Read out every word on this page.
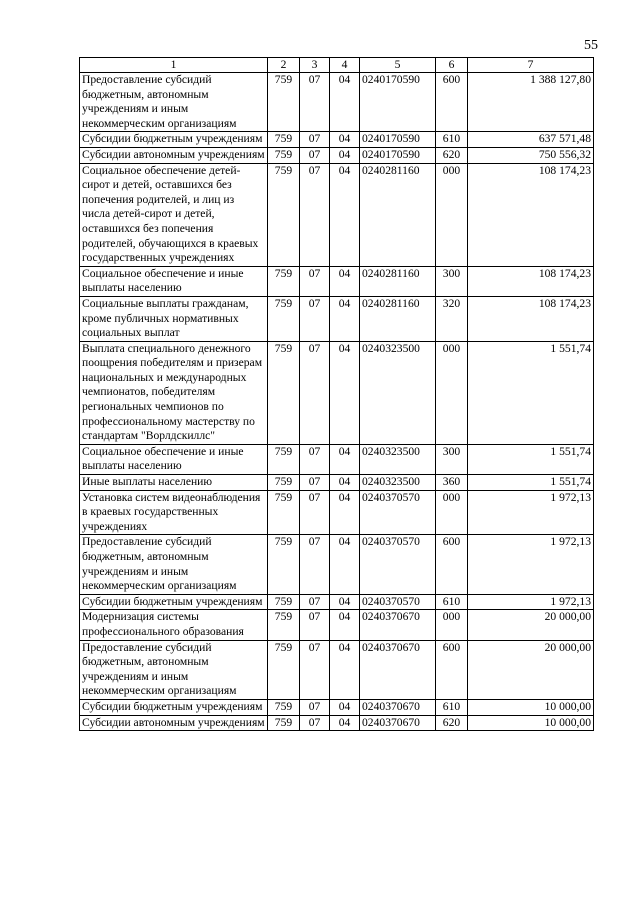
55
1	2	3	4	5	6	7
Предоставление субсидий бюджетным, автономным учреждениям и иным некоммерческим организациям	759	07	04	0240170590	600	1 388 127,80
Субсидии бюджетным учреждениям	759	07	04	0240170590	610	637 571,48
Субсидии автономным учреждениям	759	07	04	0240170590	620	750 556,32
Социальное обеспечение детей-сирот и детей, оставшихся без попечения родителей, и лиц из числа детей-сирот и детей, оставшихся без попечения родителей, обучающихся в краевых государственных учреждениях	759	07	04	0240281160	000	108 174,23
Социальное обеспечение и иные выплаты населению	759	07	04	0240281160	300	108 174,23
Социальные выплаты гражданам, кроме публичных нормативных социальных выплат	759	07	04	0240281160	320	108 174,23
Выплата специального денежного поощрения победителям и призерам национальных и международных чемпионатов, победителям региональных чемпионов по профессиональному мастерству по стандартам "Ворлдскиллс"	759	07	04	0240323500	000	1 551,74
Социальное обеспечение и иные выплаты населению	759	07	04	0240323500	300	1 551,74
Иные выплаты населению	759	07	04	0240323500	360	1 551,74
Установка систем видеонаблюдения в краевых государственных учреждениях	759	07	04	0240370570	000	1 972,13
Предоставление субсидий бюджетным, автономным учреждениям и иным некоммерческим организациям	759	07	04	0240370570	600	1 972,13
Субсидии бюджетным учреждениям	759	07	04	0240370570	610	1 972,13
Модернизация системы профессионального образования	759	07	04	0240370670	000	20 000,00
Предоставление субсидий бюджетным, автономным учреждениям и иным некоммерческим организациям	759	07	04	0240370670	600	20 000,00
Субсидии бюджетным учреждениям	759	07	04	0240370670	610	10 000,00
Субсидии автономным учреждениям	759	07	04	0240370670	620	10 000,00
